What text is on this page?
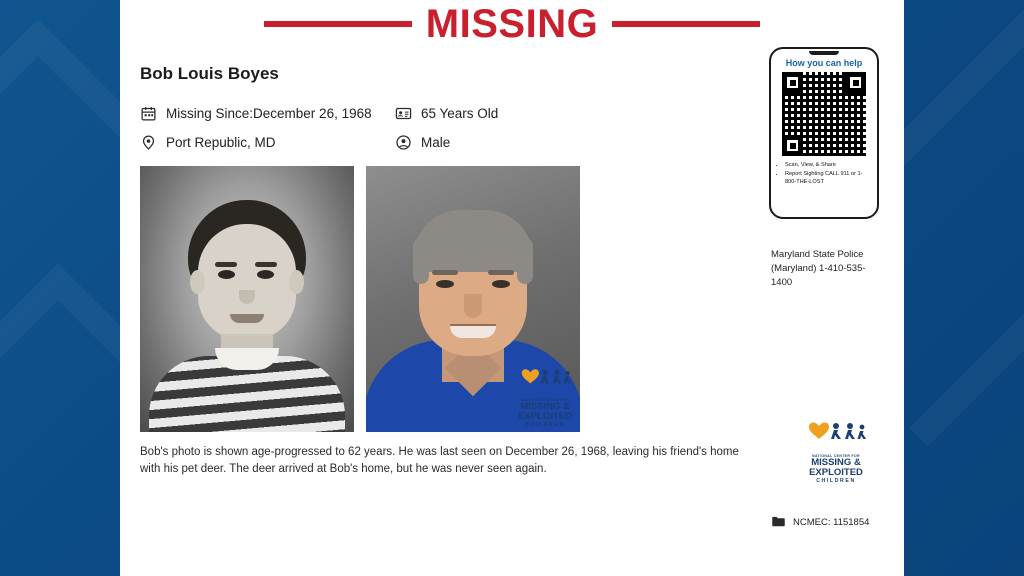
MISSING
Bob Louis Boyes
Missing Since:December 26, 1968	65 Years Old
Port Republic, MD	Male
NATIONAL CENTER FOR
MISSING &
EXPLOITED
CHILDREN
Bob's photo is shown age-progressed to 62 years. He was last seen on December 26, 1968, leaving his friend's home with his pet deer. The deer arrived at Bob's home, but he was never seen again.
How you can help
• Scan, View, & Share
• Report Sighting CALL 911 or 1-800-THE-LOST
Maryland State Police (Maryland) 1-410-535-1400
NATIONAL CENTER FOR
MISSING &
EXPLOITED
CHILDREN
NCMEC: 1151854
